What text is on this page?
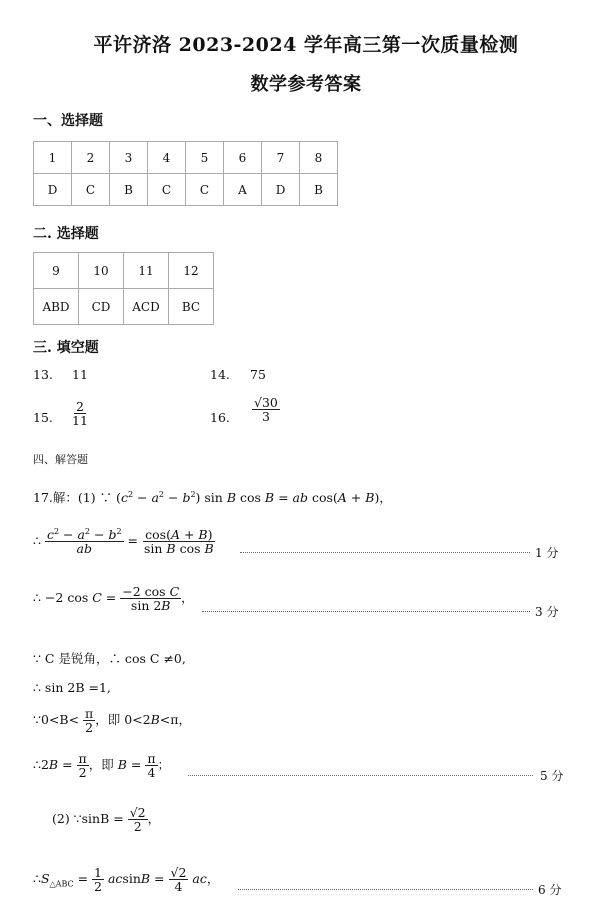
平许济洛 2023-2024 学年高三第一次质量检测
数学参考答案
一、选择题
1	2	3	4	5	6	7	8
D	C	B	C	C	A	D	B
二. 选择题
9	10	11	12
ABD	CD	ACD	BC
三. 填空题
13. 11	14. 75
15. $\frac{2}{11}$	16. $\frac{√30}{3}$
四、解答题
17.解：(1) ∵ $(c^2 - a^2 - b^2)$ sin B cos B = ab cos(A + B)，
∴ $\frac{c^2 - a^2 - b^2}{ab} = \frac{\cos(A + B)}{\text{sin B cos B}}$	1 分
∴ −2 $\cos C = \frac{\text{−2 cos C}}{\sin 2B}$ ，
3 分
∵ C 是锐角，∴ cos C ≠0,
∴ sin 2B =1,
∵0<B< $\frac{\pi}{2}$ ，即 0<2B<π，
∴2B = $\frac{\pi}{2}$ ，即 $B = \frac{\pi}{4}$ ；
5 分
(2) ∵sinB = $\frac{√2}{2}$ ，
$\therefore S_{\triangle ABC} = \frac{1}{2}$ $acsinB = \frac{√2}{4}$ ac，
6 分
